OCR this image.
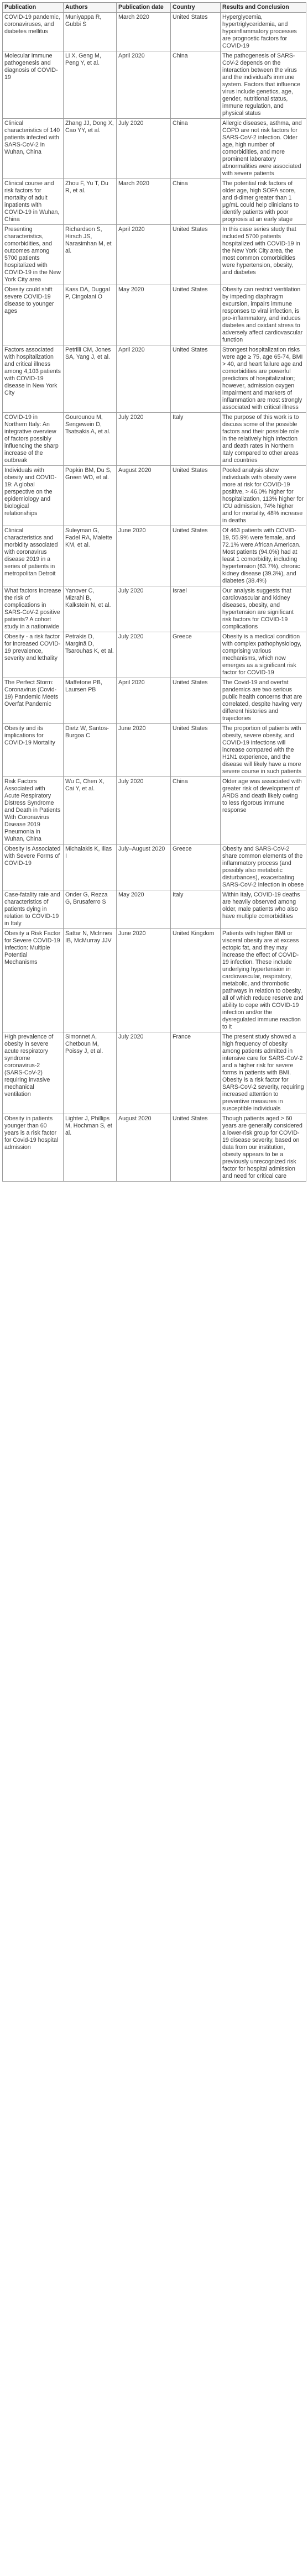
Publication	Authors	Publication date	Country	Results and Conclusion
COVID-19 pandemic, coronaviruses, and diabetes mellitus	Muniyappa R, Gubbi S	March 2020	United States	Hyperglycemia, hypertriglyceridemia, and hypoinflammatory processes are prognostic factors for COVID-19
Molecular immune pathogenesis and diagnosis of COVID-19	Li X, Geng M, Peng Y, et al.	April 2020	China	The pathogenesis of SARS-CoV-2 depends on the interaction between the virus and the individual's immune system. Factors that influence virus include genetics, age, gender, nutritional status, immune regulation, and physical status
Clinical characteristics of 140 patients infected with SARS-CoV-2 in Wuhan, China	Zhang JJ, Dong X, Cao YY, et al.	July 2020	China	Allergic diseases, asthma, and COPD are not risk factors for SARS-CoV-2 infection. Older age, high number of comorbidities, and more prominent laboratory abnormalities were associated with severe patients
Clinical course and risk factors for mortality of adult inpatients with COVID-19 in Wuhan, China	Zhou F, Yu T, Du R, et al.	March 2020	China	The potential risk factors of older age, high SOFA score, and d-dimer greater than 1 μg/mL could help clinicians to identify patients with poor prognosis at an early stage
Presenting characteristics, comorbidities, and outcomes among 5700 patients hospitalized with COVID-19 in the New York City area	Richardson S, Hirsch JS, Narasimhan M, et al.	April 2020	United States	In this case series study that included 5700 patients hospitalized with COVID-19 in the New York City area, the most common comorbidities were hypertension, obesity, and diabetes
Obesity could shift severe COVID-19 disease to younger ages	Kass DA, Duggal P, Cingolani O	May 2020	United States	Obesity can restrict ventilation by impeding diaphragm excursion, impairs immune responses to viral infection, is pro-inflammatory, and induces diabetes and oxidant stress to adversely affect cardiovascular function
Factors associated with hospitalization and critical illness among 4,103 patients with COVID-19 disease in New York City	Petrilli CM, Jones SA, Yang J, et al.	April 2020	United States	Strongest hospitalization risks were age ≥ 75, age 65-74, BMI > 40, and heart failure age and comorbidities are powerful predictors of hospitalization; however, admission oxygen impairment and markers of inflammation are most strongly associated with critical illness
COVID-19 in Northern Italy: An integrative overview of factors possibly influencing the sharp increase of the outbreak	Gourounou M, Sengewein D, Tsatsakis A, et al.	July 2020	Italy	The purpose of this work is to discuss some of the possible factors and their possible role in the relatively high infection and death rates in Northern Italy compared to other areas and countries
Individuals with obesity and COVID-19: A global perspective on the epidemiology and biological relationships	Popkin BM, Du S, Green WD, et al.	August 2020	United States	Pooled analysis show individuals with obesity were more at risk for COVID-19 positive, > 46.0% higher for hospitalization, 113% higher for ICU admission, 74% higher and for mortality, 48% increase in deaths
Clinical characteristics and morbidity associated with coronavirus disease 2019 in a series of patients in metropolitan Detroit	Suleyman G, Fadel RA, Malette KM, et al.	June 2020	United States	Of 463 patients with COVID-19, 55.9% were female, and 72.1% were African American. Most patients (94.0%) had at least 1 comorbidity, including hypertension (63.7%), chronic kidney disease (39.3%), and diabetes (38.4%)
What factors increase the risk of complications in SARS-CoV-2 positive patients? A cohort study in a nationwide	Yanover C, Mizrahi B, Kalkstein N, et al.	July 2020	Israel	Our analysis suggests that cardiovascular and kidney diseases, obesity, and hypertension are significant risk factors for COVID-19 complications
Obesity - a risk factor for increased COVID-19 prevalence, severity and lethality	Petrakis D, Margină D, Tsarouhas K, et al.	July 2020	Greece	Obesity is a medical condition with complex pathophysiology, comprising various mechanisms, which now emerges as a significant risk factor for COVID-19
The Perfect Storm: Coronavirus (Covid-19) Pandemic Meets Overfat Pandemic	Maffetone PB, Laursen PB	April 2020	United States	The Covid-19 and overfat pandemics are two serious public health concerns that are correlated, despite having very different histories and trajectories
Obesity and its implications for COVID-19 Mortality	Dietz W, Santos-Burgoa C	June 2020	United States	The proportion of patients with obesity, severe obesity, and COVID-19 infections will increase compared with the H1N1 experience, and the disease will likely have a more severe course in such patients
Risk Factors Associated with Acute Respiratory Distress Syndrome and Death in Patients With Coronavirus Disease 2019 Pneumonia in Wuhan, China	Wu C, Chen X, Cai Y, et al.	July 2020	China	Older age was associated with greater risk of development of ARDS and death likely owing to less rigorous immune response
Obesity Is Associated with Severe Forms of COVID-19	Michalakis K, Ilias I	July–August 2020	Greece	Obesity and SARS-CoV-2 share common elements of the inflammatory process (and possibly also metabolic disturbances), exacerbating SARS-CoV-2 infection in obese
Case-fatality rate and characteristics of patients dying in relation to COVID-19 in Italy	Onder G, Rezza G, Brusaferro S	May 2020	Italy	Within Italy, COVID-19 deaths are heavily observed among older, male patients who also have multiple comorbidities
Obesity a Risk Factor for Severe COVID-19 Infection: Multiple Potential Mechanisms	Sattar N, McInnes IB, McMurray JJV	June 2020	United Kingdom	Patients with higher BMI or visceral obesity are at excess ectopic fat, and they may increase the effect of COVID-19 infection. These include underlying hypertension in cardiovascular, respiratory, metabolic, and thrombotic pathways in relation to obesity, all of which reduce reserve and ability to cope with COVID-19 infection and/or the dysregulated immune reaction to it
High prevalence of obesity in severe acute respiratory syndrome coronavirus-2 (SARS-CoV-2) requiring invasive mechanical ventilation	Simonnet A, Chetboun M, Poissy J, et al.	July 2020	France	The present study showed a high frequency of obesity among patients admitted in intensive care for SARS-CoV-2 and a higher risk for severe forms in patients with BMI. Obesity is a risk factor for SARS-CoV-2 severity, requiring increased attention to preventive measures in susceptible individuals
Obesity in patients younger than 60 years is a risk factor for Covid-19 hospital admission	Lighter J, Phillips M, Hochman S, et al.	August 2020	United States	Though patients aged > 60 years are generally considered a lower-risk group for COVID-19 disease severity, based on data from our institution, obesity appears to be a previously unrecognized risk factor for hospital admission and need for critical care
